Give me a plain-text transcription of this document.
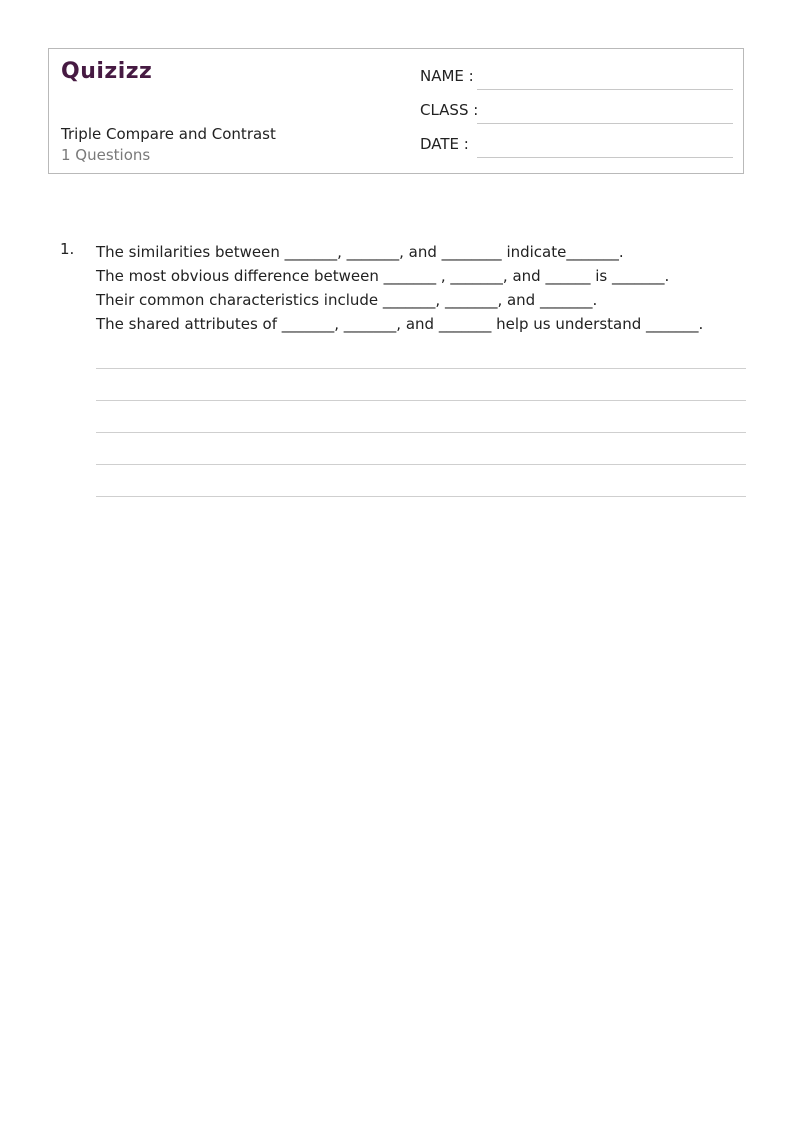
Quizizz
Triple Compare and Contrast
1 Questions
NAME :
CLASS :
DATE :
1. The similarities between _______, _______, and ________ indicate_______.
The most obvious difference between _______ , _______, and ______ is _______.
Their common characteristics include _______, _______, and _______.
The shared attributes of _______, _______, and _______ help us understand _______.
